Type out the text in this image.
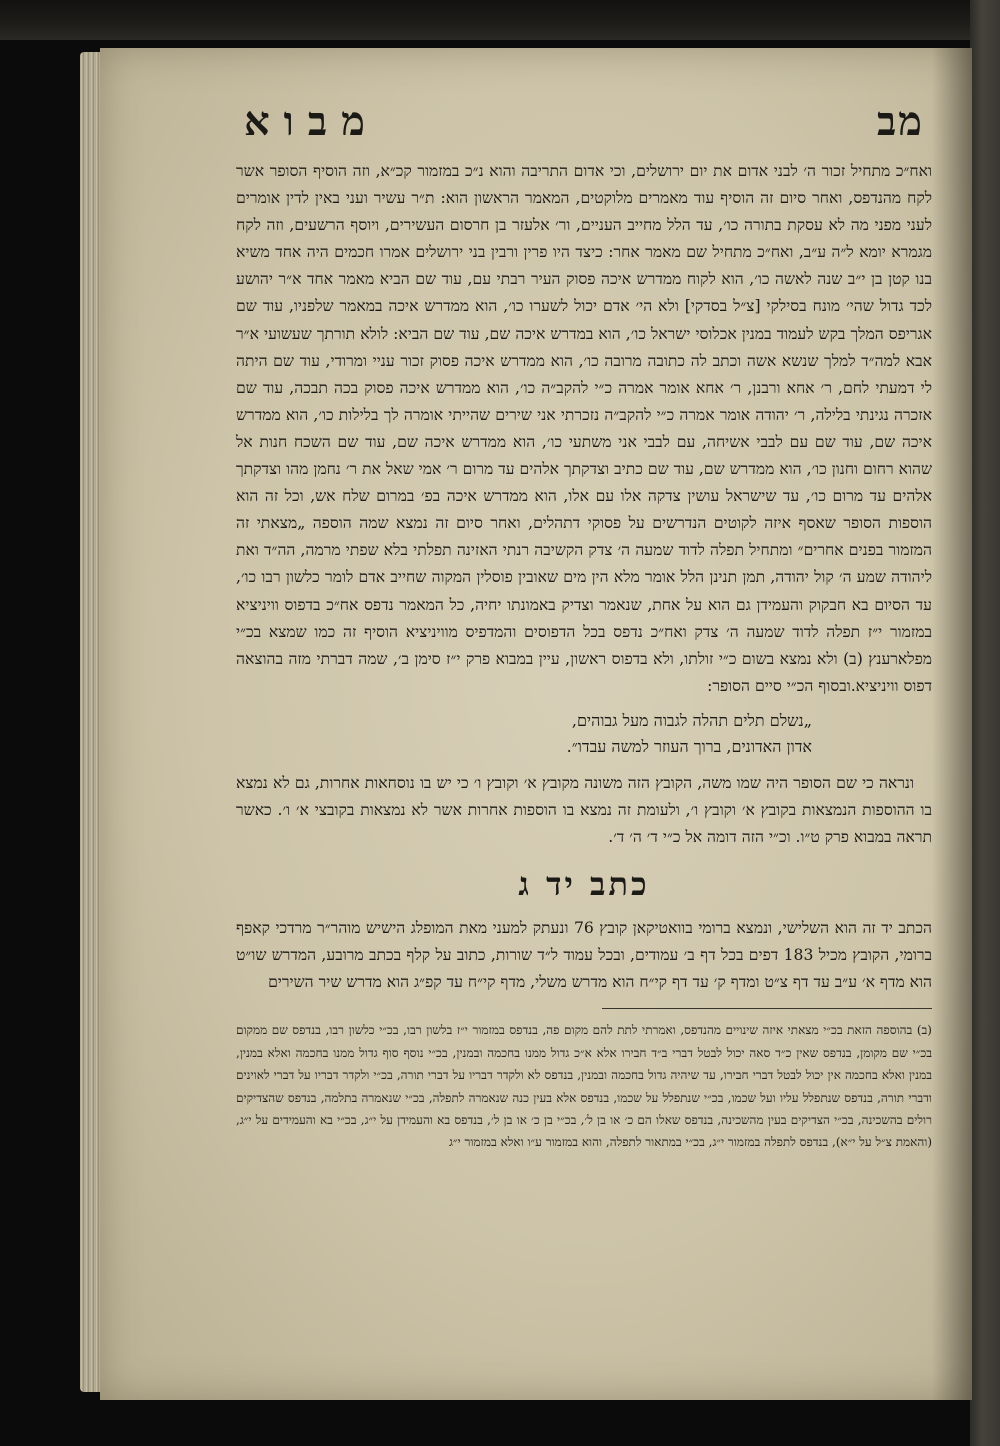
מב
מבוא

ואח״כ מתחיל זכור ה׳ לבני אדום את יום ירושלים, וכי אדום התריבה והוא נ״כ במזמור קכ״א, וזה הוסיף הסופר אשר לקח מהנדפס, ואחר סיום זה הוסיף עוד מאמרים מלוקטים, המאמר הראשון הוא: ת״ר עשיר ועני באין לדין אומרים לעני מפני מה לא עסקת בתורה כו׳, עד הלל מחייב העניים, ור׳ אלעזר בן חרסום העשירים, ויוסף הרשעים, וזה לקח מגמרא יומא ל״ה ע״ב, ואח״כ מתחיל שם מאמר אחר: כיצד היו פרין ורבין בני ירושלים אמרו חכמים היה אחד משיא בנו קטן בן י״ב שנה לאשה כו׳, הוא לקוח ממדרש איכה פסוק העיר רבתי עם, עוד שם הביא מאמר אחד א״ר יהושע לכד גדול שהי׳ מונח בסילקי [צ״ל בסדקי] ולא הי׳ אדם יכול לשערו כו׳, הוא ממדרש איכה במאמר שלפניו, עוד שם אגריפס המלך בקש לעמוד במנין אכלוסי ישראל כו׳, הוא במדרש איכה שם, עוד שם הביא: לולא תורתך שעשועי א״ר אבא למה״ד למלך שנשא אשה וכתב לה כתובה מרובה כו׳, הוא ממדרש איכה פסוק זכור עניי ומרודי, עוד שם היתה לי דמעתי לחם, ר׳ אחא ורבנן, ר׳ אחא אומר אמרה כ״י להקב״ה כו׳, הוא ממדרש איכה פסוק בכה תבכה, עוד שם אזכרה נגינתי בלילה, ר׳ יהודה אומר אמרה כ״י להקב״ה נזכרתי אני שירים שהייתי אומרה לך בלילות כו׳, הוא ממדרש איכה שם, עוד שם עם לבבי אשיחה, עם לבבי אני משתעי כו׳, הוא ממדרש איכה שם, עוד שם השכח חנות אל שהוא רחום וחנון כו׳, הוא ממדרש שם, עוד שם כתיב וצדקתך אלהים עד מרום ר׳ אמי שאל את ר׳ נחמן מהו וצדקתך אלהים עד מרום כו׳, עד שישראל עושין צדקה אלו עם אלו, הוא ממדרש איכה בפ׳ במרום שלח אש, וכל זה הוא הוספות הסופר שאסף איזה לקוטים הנדרשים על פסוקי דתהלים, ואחר סיום זה נמצא שמה הוספה „מצאתי זה המזמור בפנים אחרים״ ומתחיל תפלה לדוד שמעה ה׳ צדק הקשיבה רנתי האזינה תפלתי בלא שפתי מרמה, הה״ד ואת ליהודה שמע ה׳ קול יהודה, תמן תנינן הלל אומר מלא הין מים שאובין פוסלין המקוה שחייב אדם לומר כלשון רבו כו׳, עד הסיום בא חבקוק והעמידן גם הוא על אחת, שנאמר וצדיק באמונתו יחיה, כל המאמר נדפס אח״כ בדפוס וויניציא במזמור י״ז תפלה לדוד שמעה ה׳ צדק ואח״כ נדפס בכל הדפוסים והמדפיס מוויניציא הוסיף זה כמו שמצא בכ״י מפלארענץ (ב) ולא נמצא בשום כ״י זולתו, ולא בדפוס ראשון, עיין במבוא פרק י״ז סימן ב׳, שמה דברתי מזה בהוצאה דפוס וויניציא.ובסוף הכ״י סיים הסופר:

„נשלם תלים תהלה לגבוה מעל גבוהים,
אדון האדונים, ברוך העוזר למשה עבדו״.

ונראה כי שם הסופר היה שמו משה, הקובץ הזה משונה מקובץ א׳ וקובץ ו׳ כי יש בו נוסחאות אחרות, גם לא נמצא בו ההוספות הנמצאות בקובץ א׳ וקובץ ו׳, ולעומת זה נמצא בו הוספות אחרות אשר לא נמצאות בקובצי א׳ ו׳. כאשר תראה במבוא פרק ט״ו. וכ״י הזה דומה אל כ״י ד׳ ה׳ ד׳.

כתב יד ג

הכתב יד זה הוא השלישי, ונמצא ברומי בוואטיקאן קובץ 76 ונעתק למעני מאת המופלג הישיש מוהר״ר מרדכי קאפף ברומי, הקובץ מכיל 183 דפים בכל דף ב׳ עמודים, ובכל עמוד ל״ד שורות, כתוב על קלף בכתב מרובע, המדרש שו״ט הוא מדף א׳ ע״ב עד דף צ״ט ומדף ק׳ עד דף קי״ח הוא מדרש משלי, מדף קי״ח עד קפ״ג הוא מדרש שיר השירים

(ב) בהוספה הזאת בכ״י מצאתי איזה שינויים מהנדפס, ואמרתי לתת להם מקום פה, בנדפס במזמור י״ז בלשון רבו, בכ״י כלשון רבו, בנדפס שם ממקום בכ״י שם מקומן, בנדפס שאין כ״ד סאה יכול לבטל דברי ב״ד חבירו אלא א״כ גדול ממנו בחכמה ובמנין, בכ״י נוסף סוף גדול ממנו בחכמה ואלא במנין, במנין ואלא בחכמה אין יכול לבטל דברי חבירו, עד שיהיה גדול בחכמה ובמנין, בנדפס לא ולקדר דבריו על דברי תורה, בכ״י ולקדר דבריו על דברי לאוינים ודברי תורה, בנדפס שנתפלל עליו ועל שכמו, בכ״י שנתפלל על שכמו, בנדפס אלא בעין כנה שנאמרה לתפלה, בכ״י שנאמרה בתלמה, בנדפס שהצדיקים רולים בהשכינה, בכ״י הצדיקים בעין מהשכינה, בנדפס שאלו הם כ׳ או בן ל׳, בכ״י בן כ׳ או בן ל׳, בנדפס בא והעמידן על י״ג, בכ״י בא והעמידים על י״ג, (והאמת צ״ל על י״א), בנדפס לתפלה במזמור י״ג, בכ״י במתאור לתפלה, והוא במזמור ע״ו ואלא במזמור י״ג
